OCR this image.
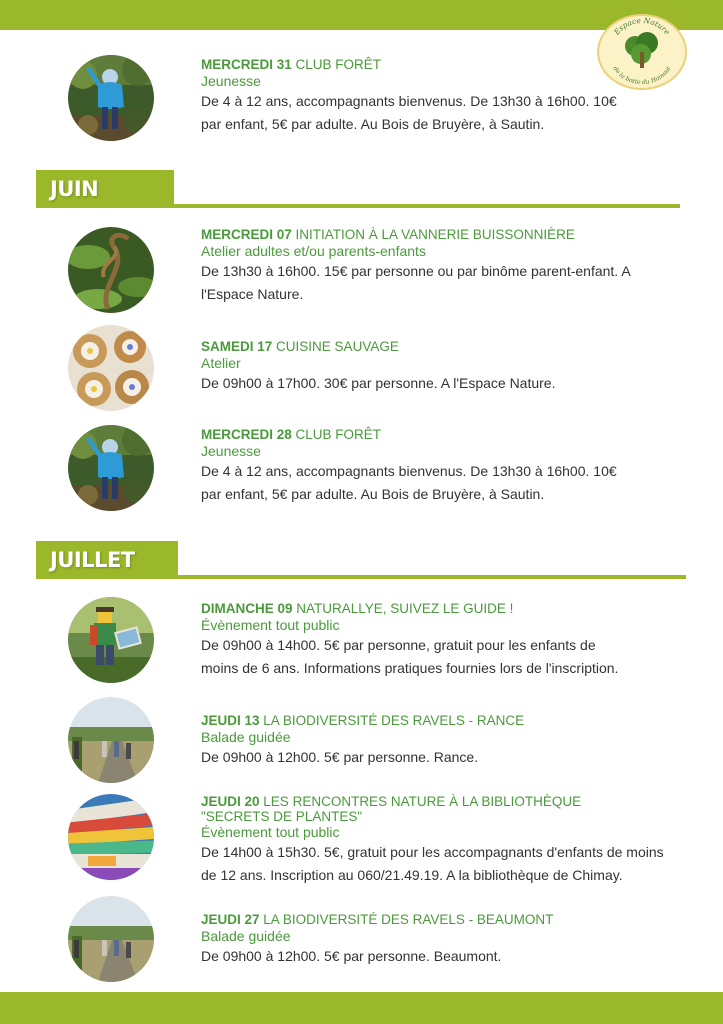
Espace Nature
de la botte du Hainaut
MERCREDI 31 CLUB FORÊT
Jeunesse
De 4 à 12 ans, accompagnants bienvenus. De 13h30 à 16h00. 10€
par enfant, 5€ par adulte. Au Bois de Bruyère, à Sautin.
JUIN
MERCREDI 07 INITIATION À LA VANNERIE BUISSONNIÈRE
Atelier adultes et/ou parents-enfants
De 13h30 à 16h00. 15€ par personne ou par binôme parent-enfant. A
l'Espace Nature.
SAMEDI 17 CUISINE SAUVAGE
Atelier
De 09h00 à 17h00. 30€ par personne. A l'Espace Nature.
MERCREDI 28 CLUB FORÊT
Jeunesse
De 4 à 12 ans, accompagnants bienvenus. De 13h30 à 16h00. 10€
par enfant, 5€ par adulte. Au Bois de Bruyère, à Sautin.
JUILLET
DIMANCHE 09 NATURALLYE, SUIVEZ LE GUIDE !
Évènement tout public
De 09h00 à 14h00. 5€ par personne, gratuit pour les enfants de
moins de 6 ans. Informations pratiques fournies lors de l'inscription.
JEUDI 13 LA BIODIVERSITÉ DES RAVELS - RANCE
Balade guidée
De 09h00 à 12h00. 5€ par personne. Rance.
JEUDI 20 LES RENCONTRES NATURE À LA BIBLIOTHÈQUE
"SECRETS DE PLANTES"
Évènement tout public
De 14h00 à 15h30. 5€, gratuit pour les accompagnants d'enfants de moins
de 12 ans. Inscription au 060/21.49.19. A la bibliothèque de Chimay.
JEUDI 27 LA BIODIVERSITÉ DES RAVELS - BEAUMONT
Balade guidée
De 09h00 à 12h00. 5€ par personne. Beaumont.
